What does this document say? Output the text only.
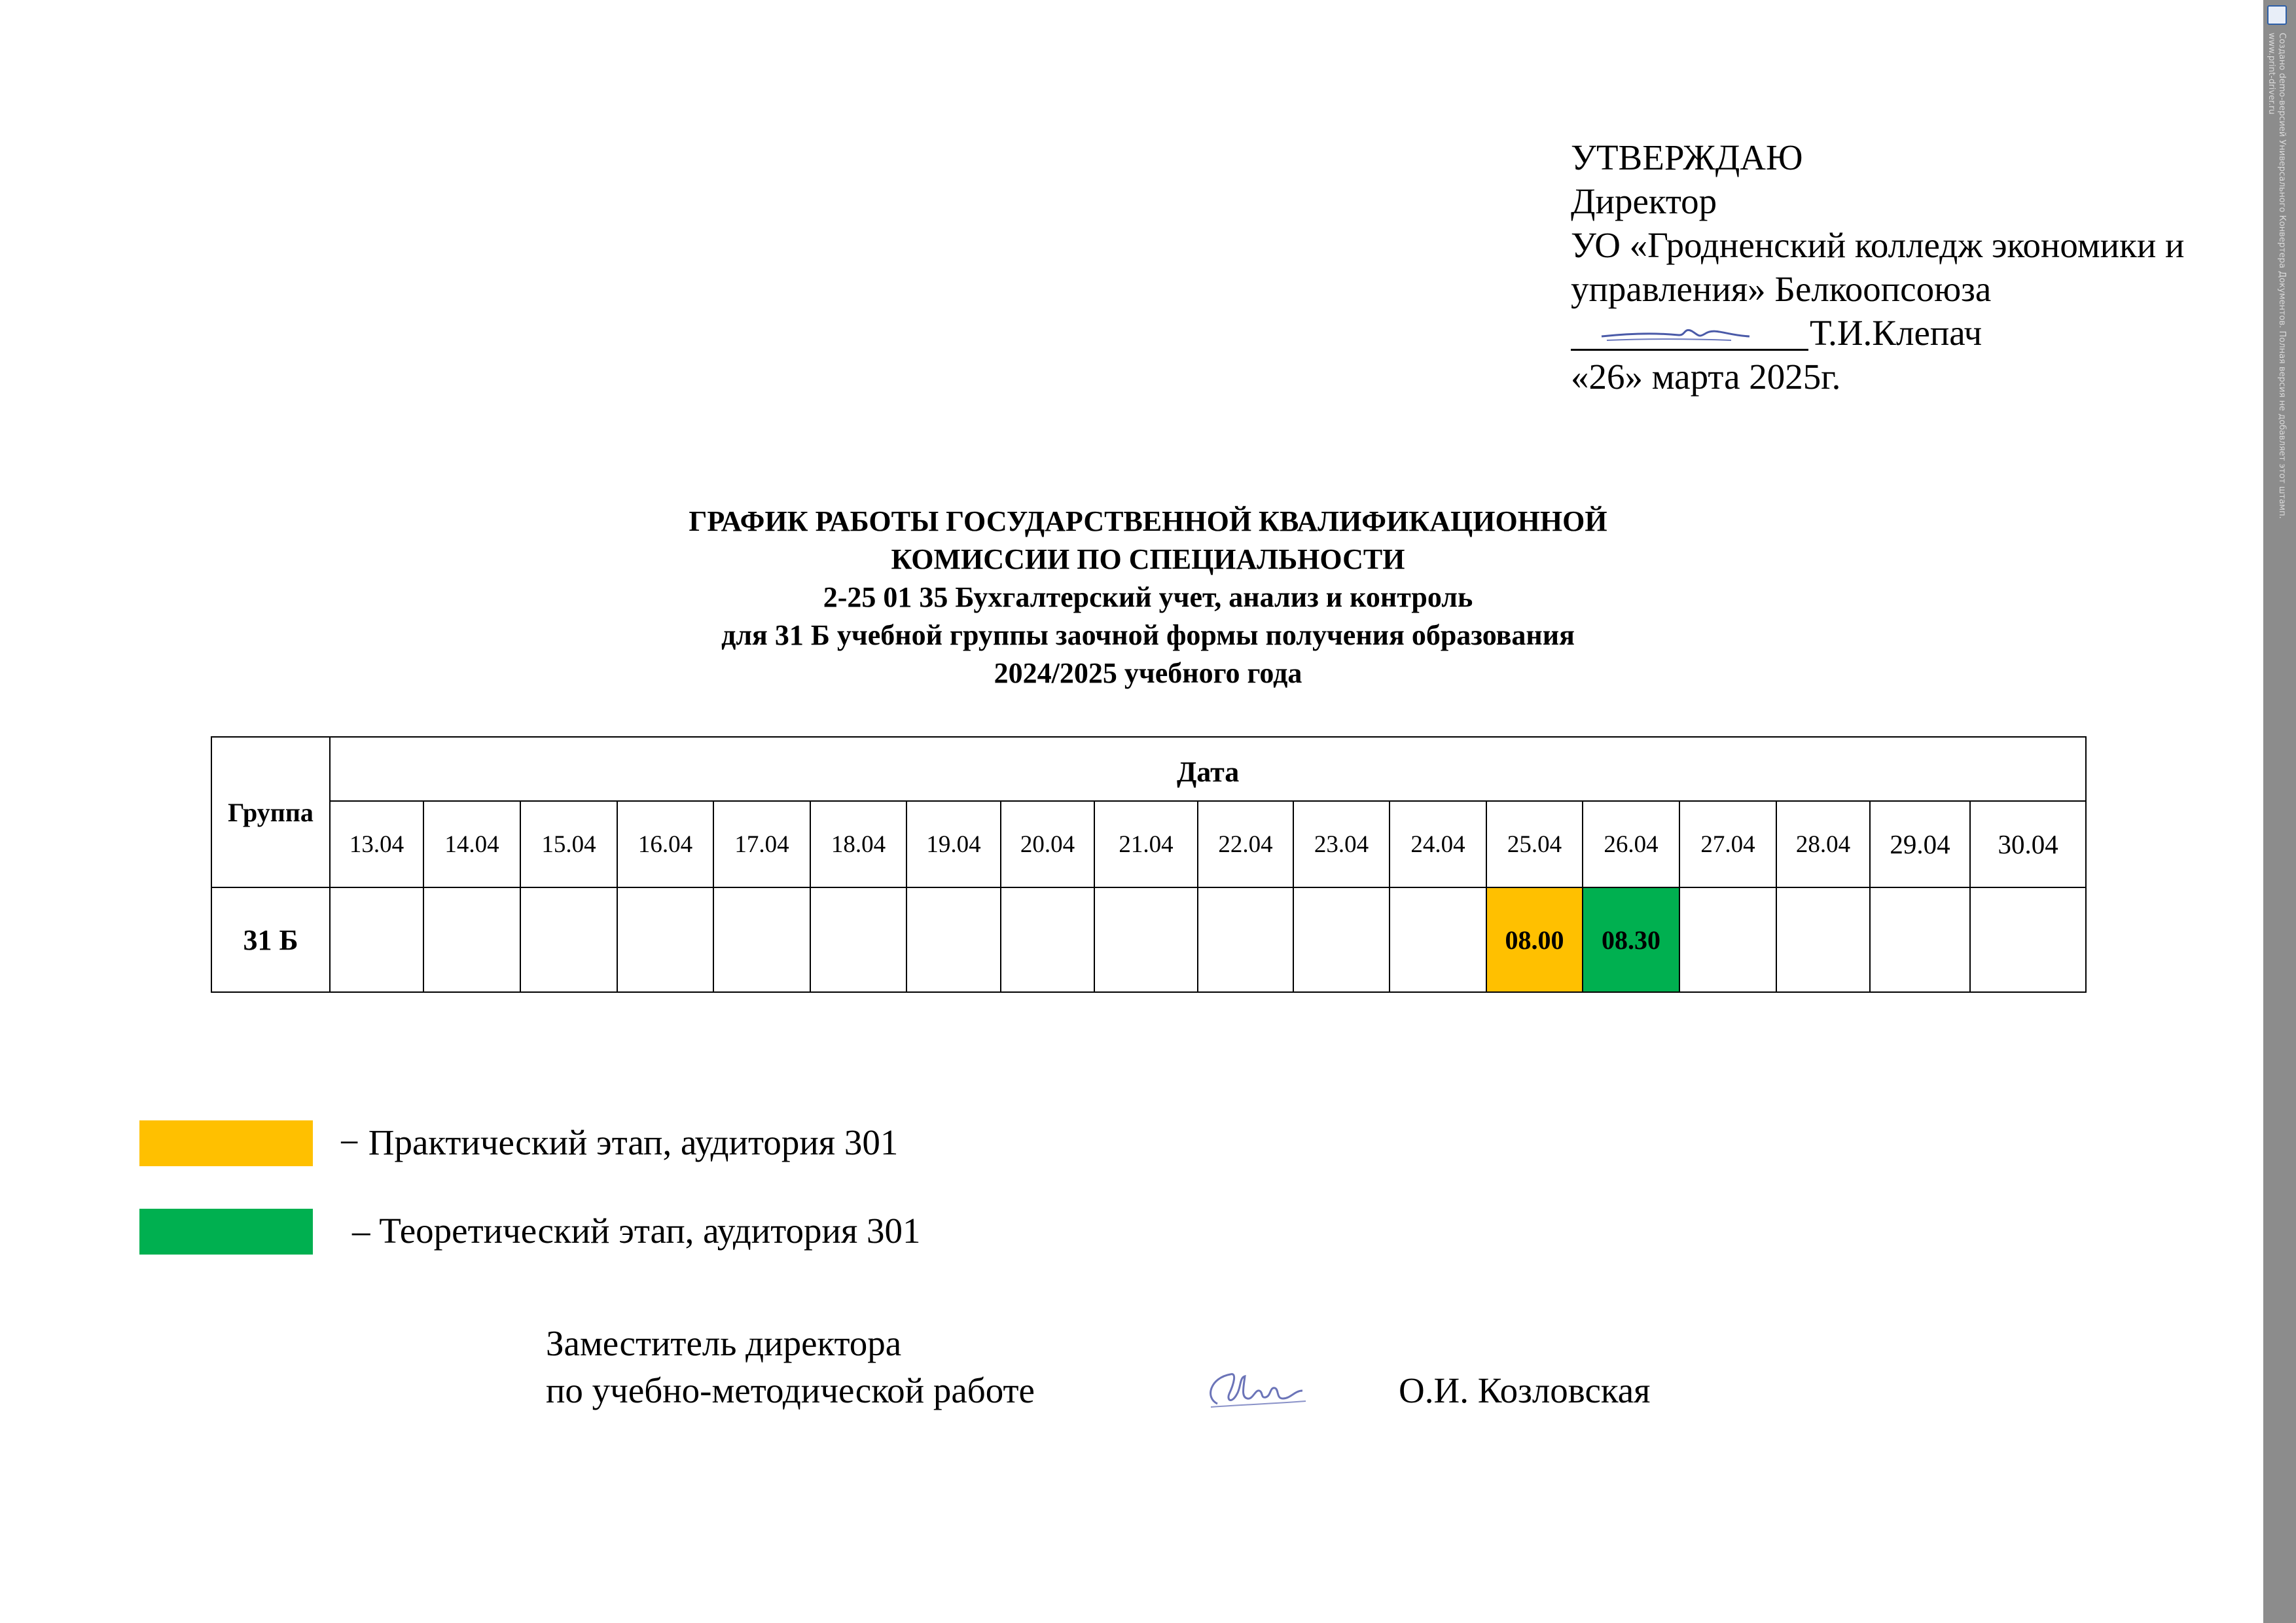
УТВЕРЖДАЮ
Директор
УО «Гродненский колледж экономики и
управления» Белкоопсоюза
Т.И.Клепач
«26» марта 2025г.
ГРАФИК РАБОТЫ ГОСУДАРСТВЕННОЙ КВАЛИФИКАЦИОННОЙ
КОМИССИИ ПО СПЕЦИАЛЬНОСТИ
2-25 01 35 Бухгалтерский учет, анализ и контроль
для 31 Б учебной группы заочной формы получения образования
2024/2025 учебного года
Группа	Дата																	
	13.04	14.04	15.04	16.04	17.04	18.04	19.04	20.04	21.04	22.04	23.04	24.04	25.04	26.04	27.04	28.04	29.04	30.04
31 Б													08.00	08.30				
− Практический этап, аудитория 301
– Теоретический этап, аудитория 301
Заместитель директора
по учебно-методической работе	О.И. Козловская
Создано demo-версией Универсального Конвертера Документов. Полная версия не добавляет этот штамп.
www.print-driver.ru
